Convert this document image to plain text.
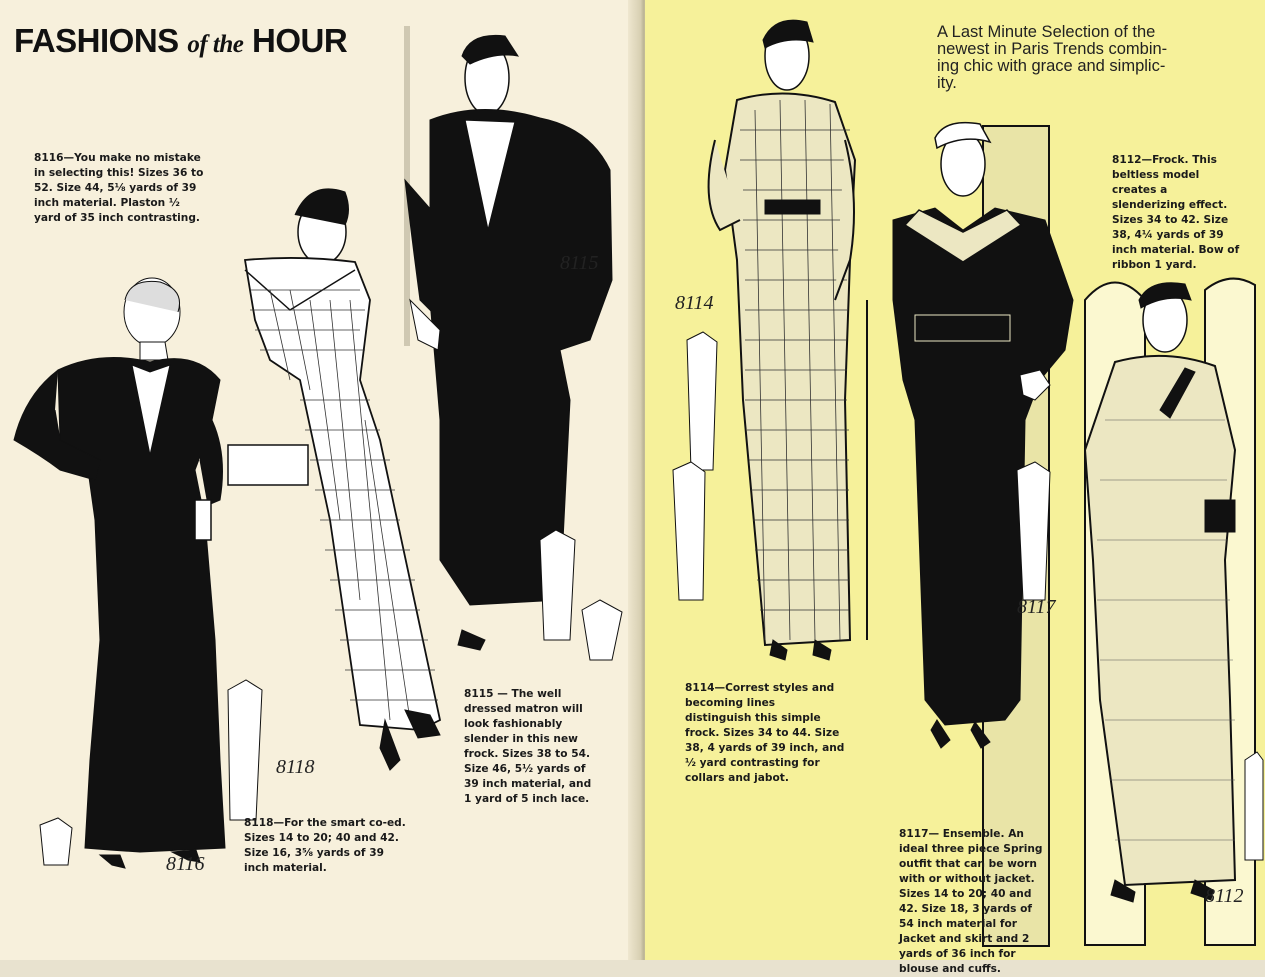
FASHIONS of the HOUR
8116—You make no mistake in selecting this! Sizes 36 to 52. Size 44, 5⅛ yards of 39 inch material. Plaston ½ yard of 35 inch contrasting.
8115 — The well dressed matron will look fashionably slender in this new frock. Sizes 38 to 54. Size 46, 5½ yards of 39 inch material, and 1 yard of 5 inch lace.
8118—For the smart co-ed. Sizes 14 to 20; 40 and 42. Size 16, 3⅝ yards of 39 inch material.
8115
8118
8116
A Last Minute Selection of the
newest in Paris Trends combin-
ing chic with grace and simplic-
ity.
8112—Frock. This beltless model creates a slenderizing effect. Sizes 34 to 42. Size 38, 4¼ yards of 39 inch material. Bow of ribbon 1 yard.
8114—Correst styles and becoming lines distinguish this simple frock. Sizes 34 to 44. Size 38, 4 yards of 39 inch, and ½ yard contrasting for collars and jabot.
8117— Ensemble. An ideal three piece Spring outfit that can be worn with or without jacket. Sizes 14 to 20; 40 and 42. Size 18, 3 yards of 54 inch material for Jacket and skirt and 2 yards of 36 inch for blouse and cuffs.
8114
8117
8112
